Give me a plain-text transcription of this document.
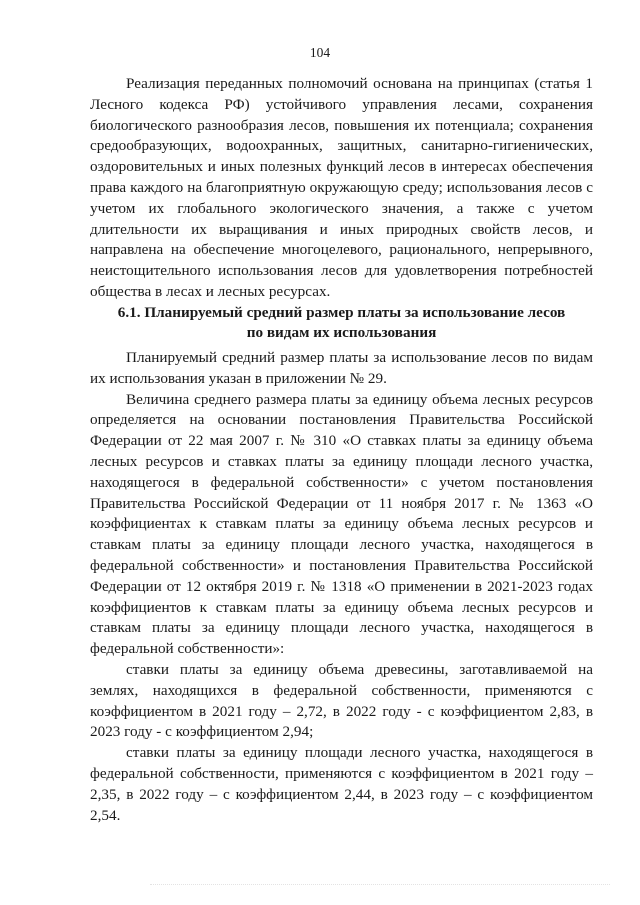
104

Реализация переданных полномочий основана на принципах (статья 1 Лесного кодекса РФ) устойчивого управления лесами, сохранения биологического разнообразия лесов, повышения их потенциала; сохранения средообразующих, водоохранных, защитных, санитарно-гигиенических, оздоровительных и иных полезных функций лесов в интересах обеспечения права каждого на благоприятную окружающую среду; использования лесов с учетом их глобального экологического значения, а также с учетом длительности их выращивания и иных природных свойств лесов, и направлена на обеспечение многоцелевого, рационального, непрерывного, неистощительного использования лесов для удовлетворения потребностей общества в лесах и лесных ресурсах.

6.1. Планируемый средний размер платы за использование лесов
по видам их использования

Планируемый средний размер платы за использование лесов по видам их использования указан в приложении № 29.

Величина среднего размера платы за единицу объема лесных ресурсов определяется на основании постановления Правительства Российской Федерации от 22 мая 2007 г. № 310 «О ставках платы за единицу объема лесных ресурсов и ставках платы за единицу площади лесного участка, находящегося в федеральной собственности» с учетом постановления Правительства Российской Федерации от 11 ноября 2017 г. № 1363 «О коэффициентах к ставкам платы за единицу объема лесных ресурсов и ставкам платы за единицу площади лесного участка, находящегося в федеральной собственности» и постановления Правительства Российской Федерации от 12 октября 2019 г. № 1318 «О применении в 2021-2023 годах коэффициентов к ставкам платы за единицу объема лесных ресурсов и ставкам платы за единицу площади лесного участка, находящегося в федеральной собственности»:

ставки платы за единицу объема древесины, заготавливаемой на землях, находящихся в федеральной собственности, применяются с коэффициентом в 2021 году – 2,72, в 2022 году - с коэффициентом 2,83, в 2023 году - с коэффициентом 2,94;

ставки платы за единицу площади лесного участка, находящегося в федеральной собственности, применяются с коэффициентом в 2021 году – 2,35, в 2022 году – с коэффициентом 2,44, в 2023 году – с коэффициентом 2,54.
